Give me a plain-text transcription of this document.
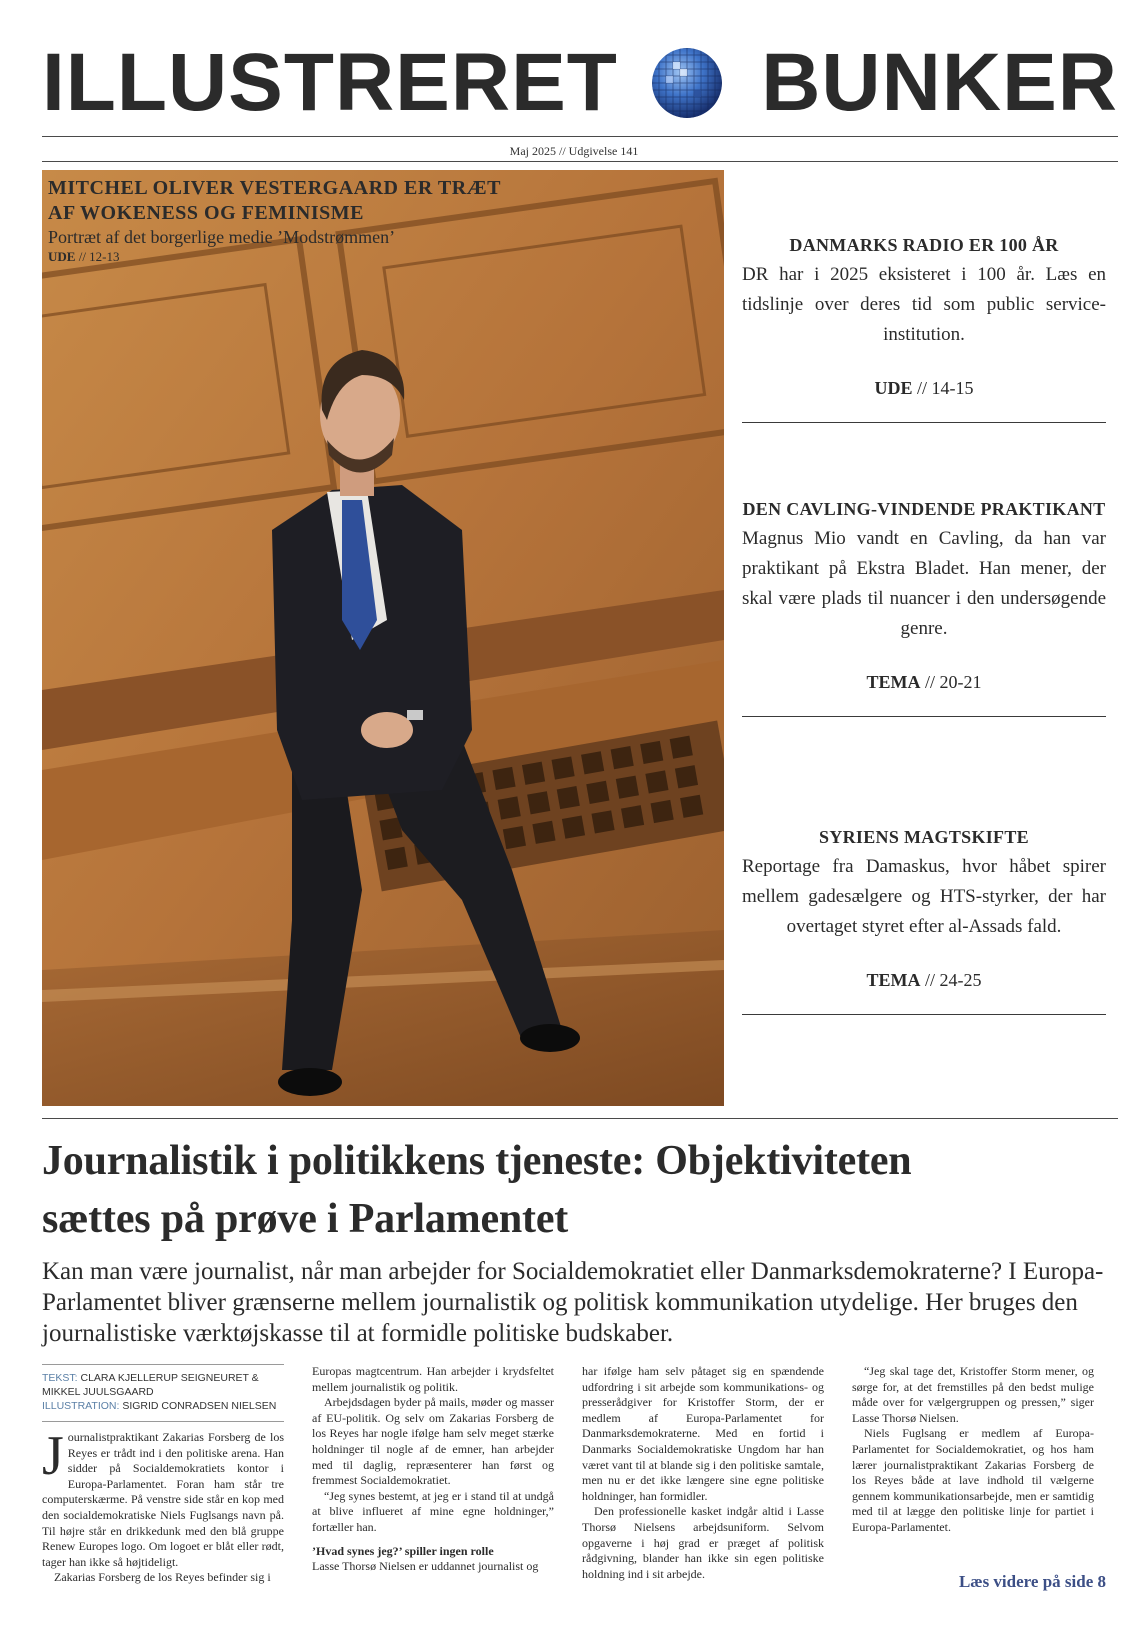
ILLUSTRERET BUNKER
Maj 2025 // Udgivelse 141
MITCHEL OLIVER VESTERGAARD ER TRÆT
AF WOKENESS OG FEMINISME
Portræt af det borgerlige medie ’Modstrømmen’
UDE // 12-13
DANMARKS RADIO ER 100 ÅR

DR har i 2025 eksisteret i 100 år. Læs en tidslinje over deres tid som public service-institution.

UDE // 14-15
DEN CAVLING-VINDENDE PRAKTIKANT

Magnus Mio vandt en Cavling, da han var praktikant på Ekstra Bladet. Han mener, der skal være plads til nuancer i den undersøgende genre.

TEMA // 20-21
SYRIENS MAGTSKIFTE

Reportage fra Damaskus, hvor håbet spirer mellem gadesælgere og HTS-styrker, der har overtaget styret efter al-Assads fald.

TEMA // 24-25
Journalistik i politikkens tjeneste: Objektiviteten
sættes på prøve i Parlamentet
Kan man være journalist, når man arbejder for Socialdemokratiet eller Danmarksdemokraterne? I Europa-Parlamentet bliver grænserne mellem journalistik og politisk kommunikation utydelige. Her bruges den journalistiske værktøjskasse til at formidle politiske budskaber.
TEKST: CLARA KJELLERUP SEIGNEURET & MIKKEL JUULSGAARD
ILLUSTRATION: SIGRID CONRADSEN NIELSEN

Journalistpraktikant Zakarias Forsberg de los Reyes er trådt ind i den politiske arena. Han sidder på Socialdemokratiets kontor i Europa-Parlamentet. Foran ham står tre computerskærme. På venstre side står en kop med den socialdemokratiske Niels Fuglsangs navn på. Til højre står en drikkedunk med den blå gruppe Renew Europes logo. Om logoet er blåt eller rødt, tager han ikke så højtideligt.

Zakarias Forsberg de los Reyes befinder sig i

Europas magtcentrum. Han arbejder i krydsfeltet mellem journalistik og politik.

Arbejdsdagen byder på mails, møder og masser af EU-politik. Og selv om Zakarias Forsberg de los Reyes har nogle ifølge ham selv meget stærke holdninger til nogle af de emner, han arbejder med til daglig, repræsenterer han først og fremmest Socialdemokratiet.

“Jeg synes bestemt, at jeg er i stand til at undgå at blive influeret af mine egne holdninger,” fortæller han.

’Hvad synes jeg?’ spiller ingen rolle

Lasse Thorsø Nielsen er uddannet journalist og

har ifølge ham selv påtaget sig en spændende udfordring i sit arbejde som kommunikations- og presserådgiver for Kristoffer Storm, der er medlem af Europa-Parlamentet for Danmarksdemokraterne. Med en fortid i Danmarks Socialdemokratiske Ungdom har han været vant til at blande sig i den politiske samtale, men nu er det ikke længere sine egne politiske holdninger, han formidler.

Den professionelle kasket indgår altid i Lasse Thorsø Nielsens arbejdsuniform. Selvom opgaverne i høj grad er præget af politisk rådgivning, blander han ikke sin egen politiske holdning ind i sit arbejde.

“Jeg skal tage det, Kristoffer Storm mener, og sørge for, at det fremstilles på den bedst mulige måde over for vælgergruppen og pressen,” siger Lasse Thorsø Nielsen.

Niels Fuglsang er medlem af Europa-Parlamentet for Socialdemokratiet, og hos ham lærer journalistpraktikant Zakarias Forsberg de los Reyes både at lave indhold til vælgerne gennem kommunikationsarbejde, men er samtidig med til at lægge den politiske linje for partiet i Europa-Parlamentet.

Læs videre på side 8
